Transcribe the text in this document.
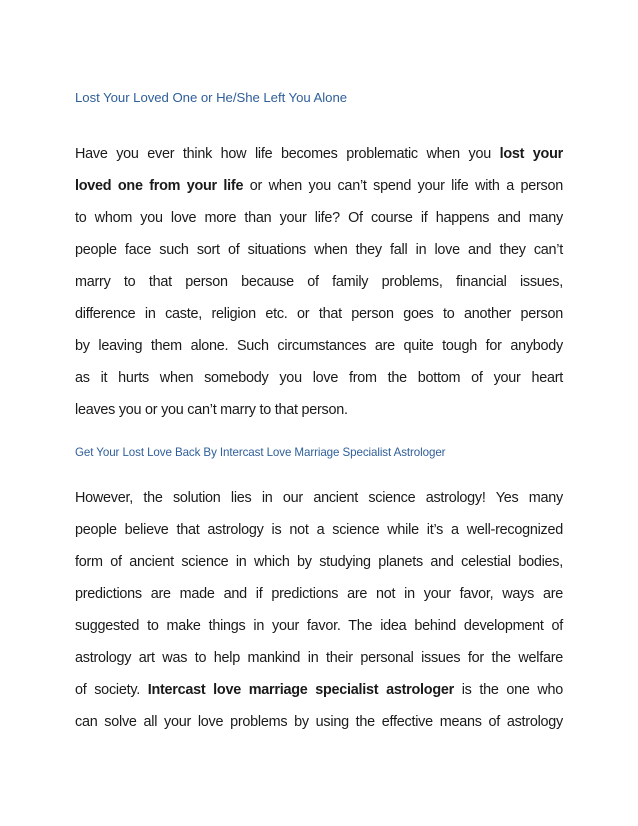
Lost Your Loved One or He/She Left You Alone
Have you ever think how life becomes problematic when you lost your
loved one from your life or when you can’t spend your life with a person
to whom you love more than your life? Of course if happens and many
people face such sort of situations when they fall in love and they can’t
marry to that person because of family problems, financial issues,
difference in caste, religion etc. or that person goes to another person
by leaving them alone. Such circumstances are quite tough for anybody
as it hurts when somebody you love from the bottom of your heart
leaves you or you can’t marry to that person.
Get Your Lost Love Back By Intercast Love Marriage Specialist Astrologer
However, the solution lies in our ancient science astrology! Yes many
people believe that astrology is not a science while it’s a well-recognized
form of ancient science in which by studying planets and celestial bodies,
predictions are made and if predictions are not in your favor, ways are
suggested to make things in your favor. The idea behind development of
astrology art was to help mankind in their personal issues for the welfare
of society. Intercast love marriage specialist astrologer is the one who
can solve all your love problems by using the effective means of astrology
